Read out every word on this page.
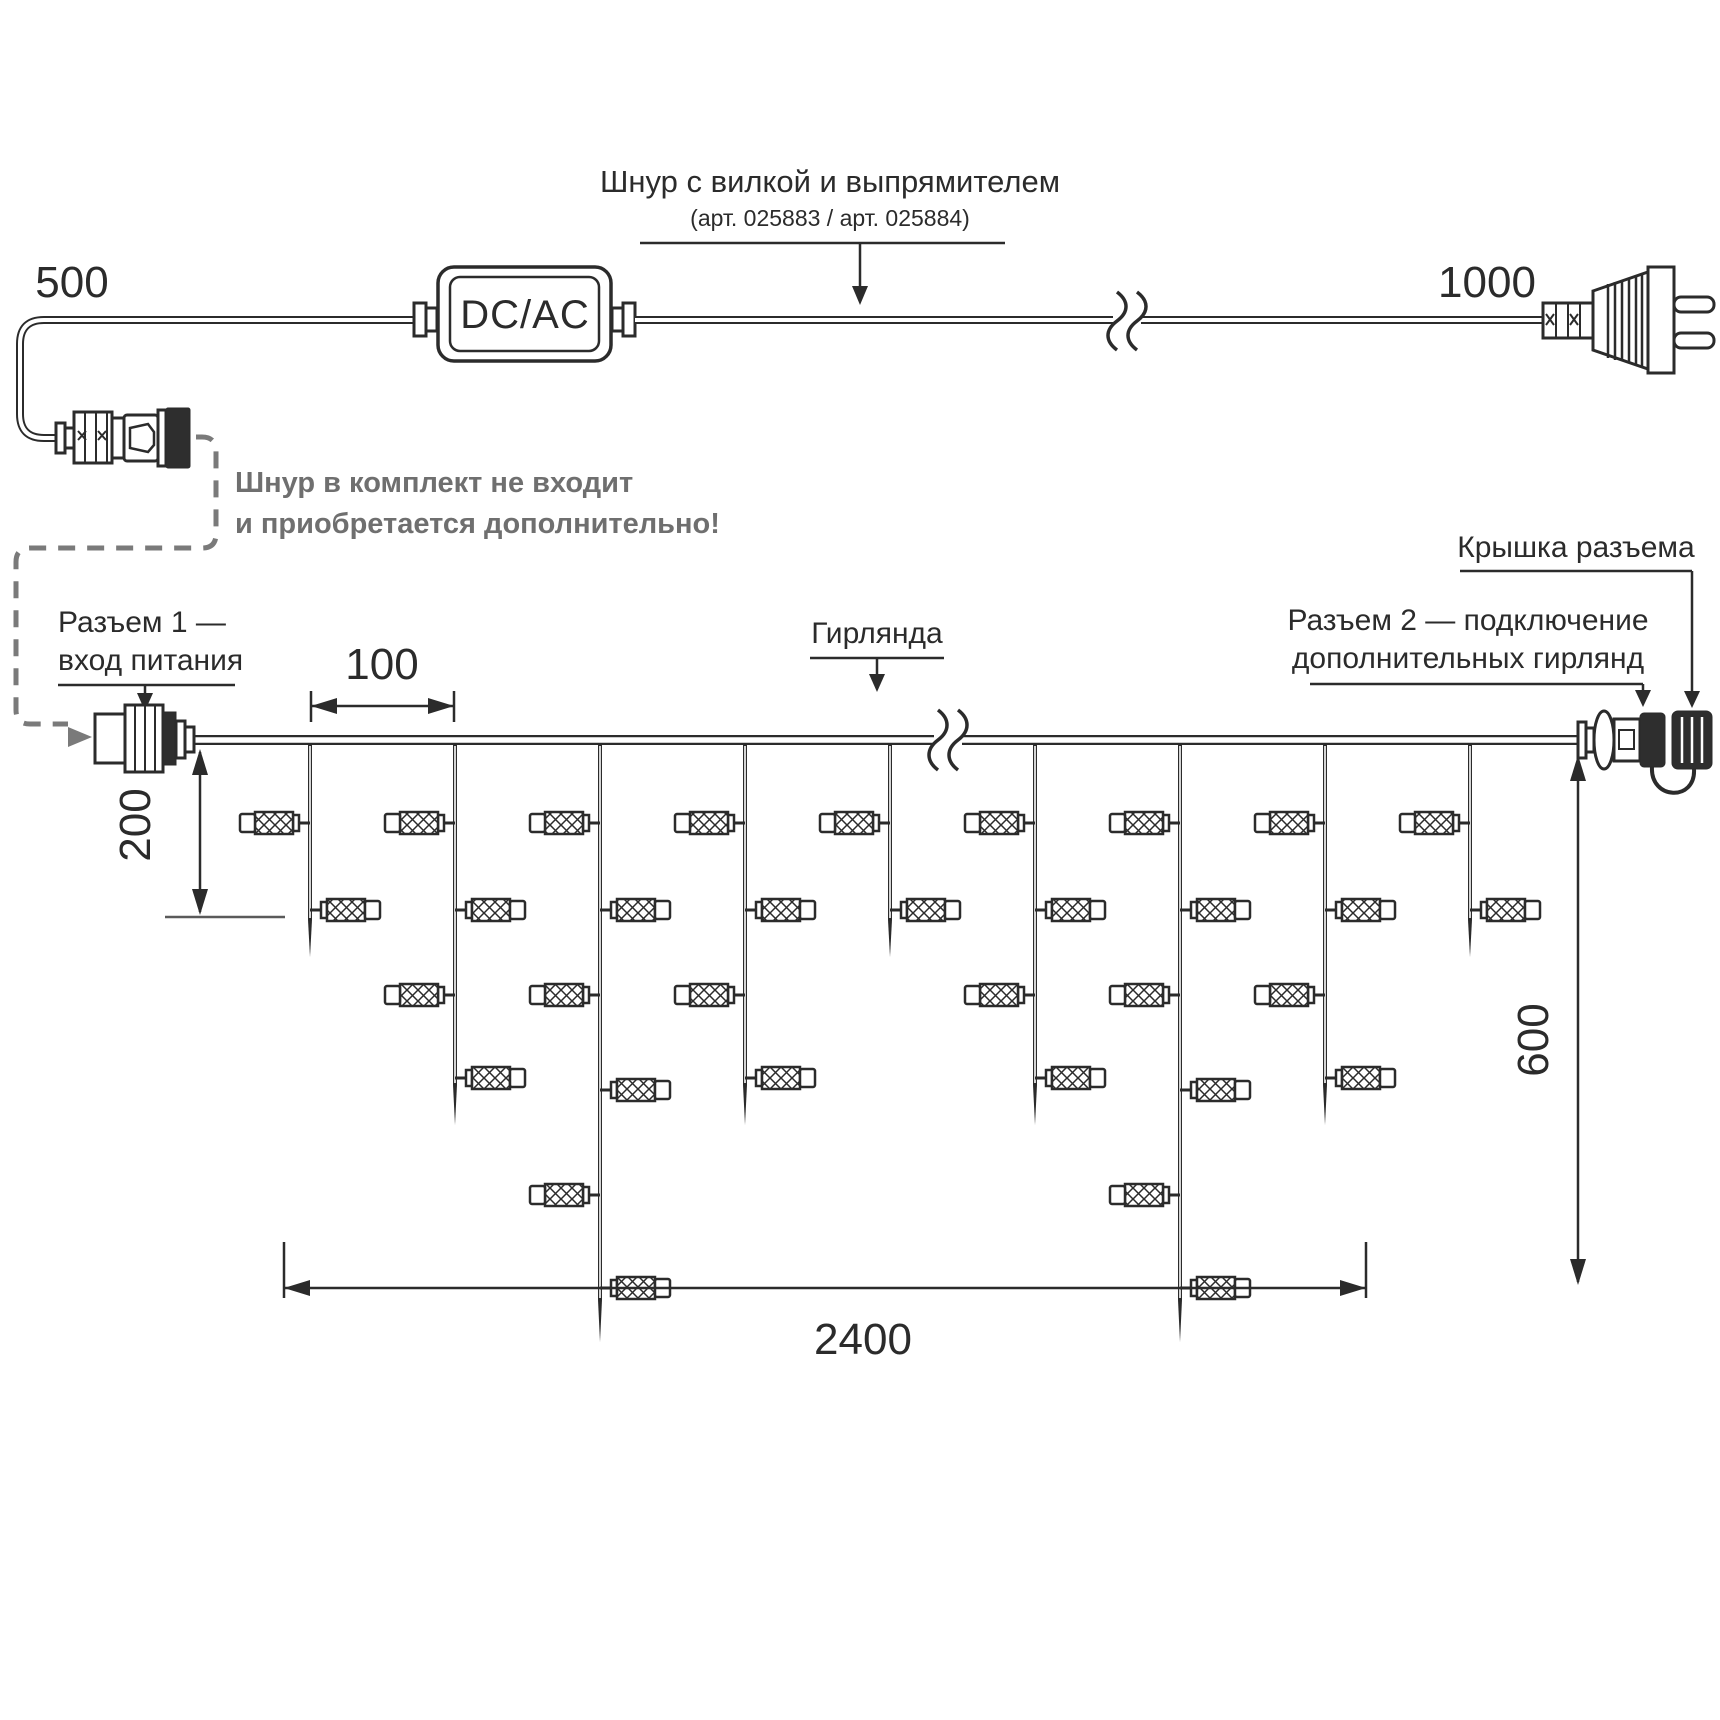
Шнур с вилкой и выпрямителем
(арт. 025883 / арт. 025884)
500	1000
DC/AC
Шнур в комплект не входит
и приобретается дополнительно!
Разъем 1 —
вход питания
Гирлянда	Разъем 2 — подключение
дополнительных гирлянд
Крышка разъема
100
200
600
2400
